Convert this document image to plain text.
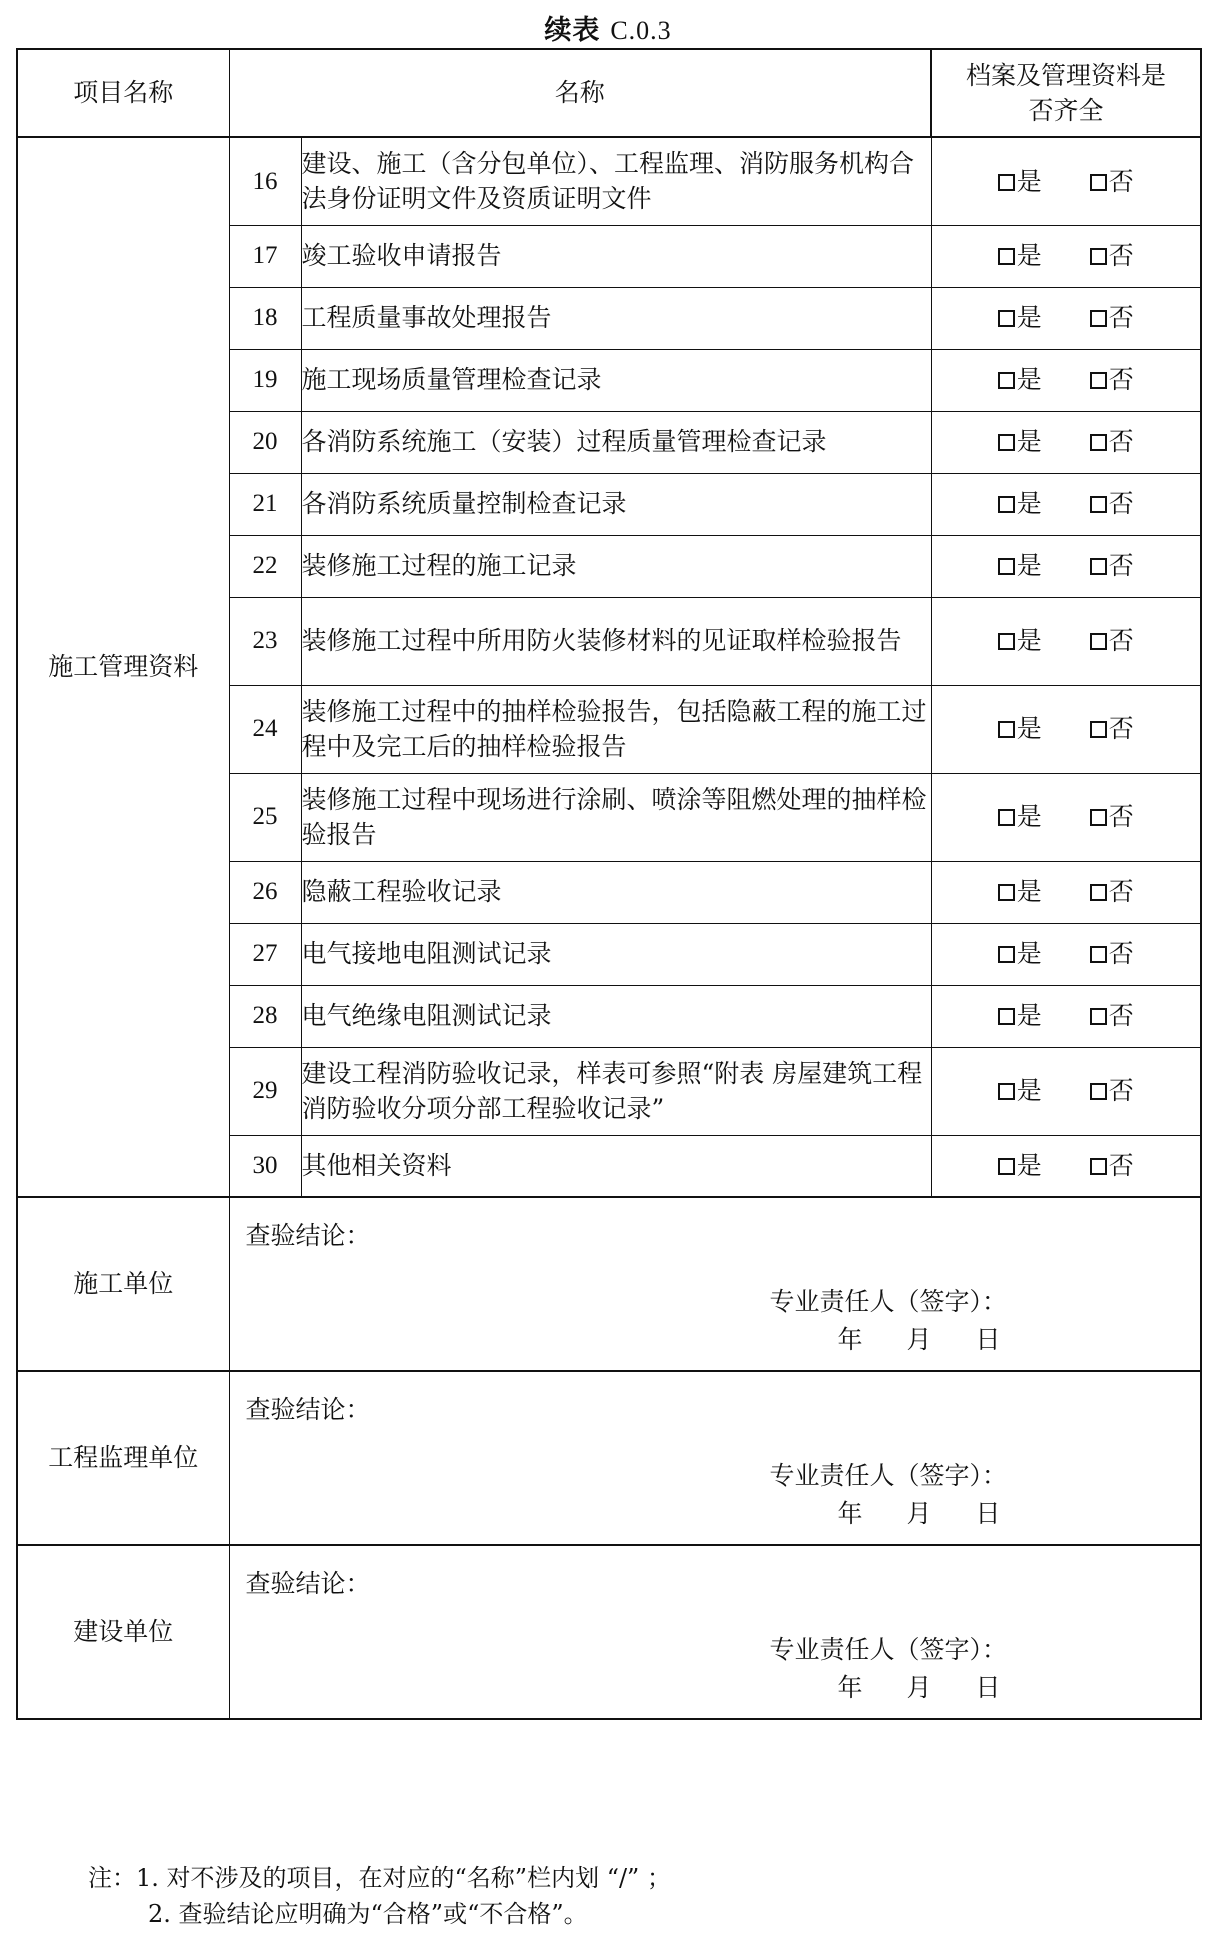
续表 C.0.3
项目名称	名称		档案及管理资料是否齐全
施工管理资料	16	建设、施工（含分包单位）、工程监理、消防服务机构合法身份证明文件及资质证明文件	是 否
	17	竣工验收申请报告	是 否
	18	工程质量事故处理报告	是 否
	19	施工现场质量管理检查记录	是 否
	20	各消防系统施工（安装）过程质量管理检查记录	是 否
	21	各消防系统质量控制检查记录	是 否
	22	装修施工过程的施工记录	是 否
	23	装修施工过程中所用防火装修材料的见证取样检验报告	是 否
	24	装修施工过程中的抽样检验报告，包括隐蔽工程的施工过程中及完工后的抽样检验报告	是 否
	25	装修施工过程中现场进行涂刷、喷涂等阻燃处理的抽样检验报告	是 否
	26	隐蔽工程验收记录	是 否
	27	电气接地电阻测试记录	是 否
	28	电气绝缘电阻测试记录	是 否
	29	建设工程消防验收记录，样表可参照“附表 房屋建筑工程消防验收分项分部工程验收记录”	是 否
	30	其他相关资料	是 否
施工单位	查验结论：
专业责任人（签字）：
年 月 日		

工程监理单位	查验结论：
专业责任人（签字）：
年 月 日		

建设单位	查验结论：
专业责任人（签字）：
年 月 日		
注：1. 对不涉及的项目，在对应的“名称”栏内划 “/” ；
2. 查验结论应明确为“合格”或“不合格”。
